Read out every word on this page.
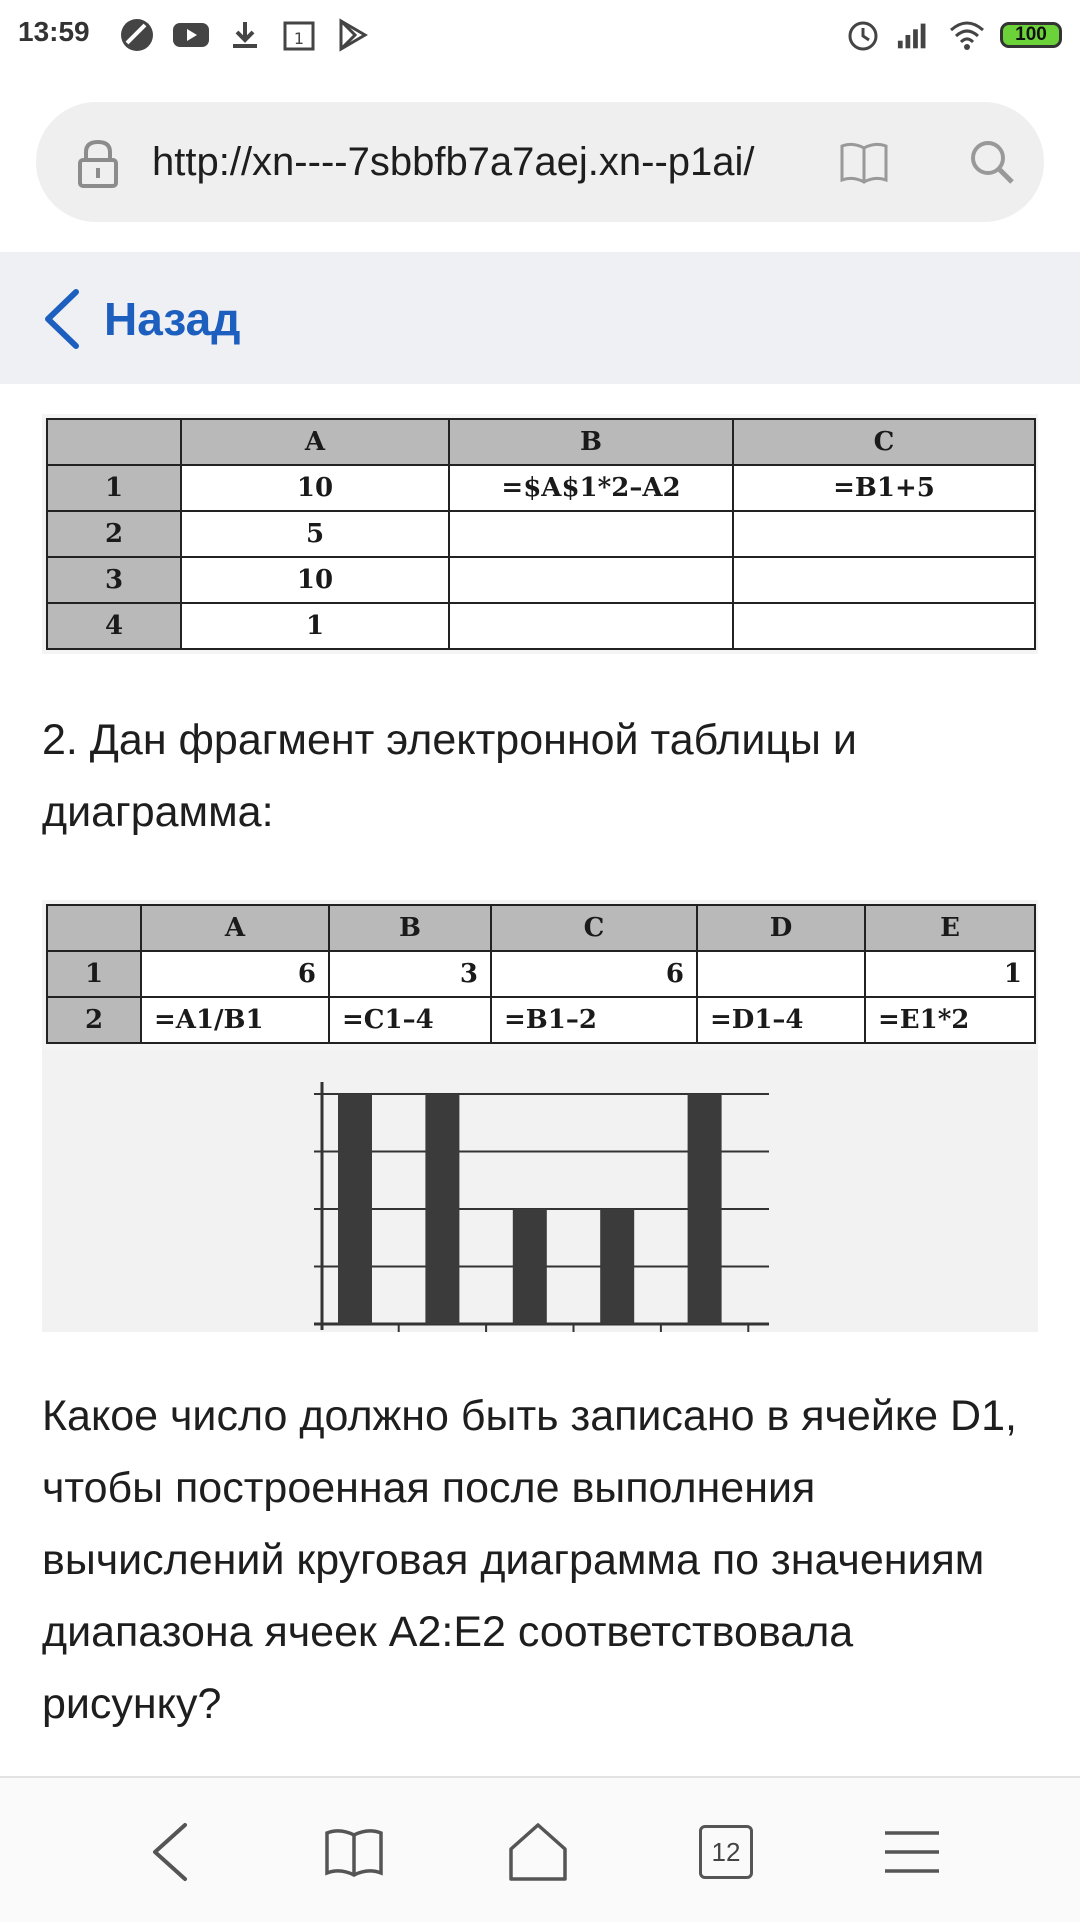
13:59	1	100
http://xn----7sbbfb7a7aej.xn--p1ai/
Назад
	A	B	C
1	10	=$A$1*2–A2	=B1+5
2	5		
3	10		
4	1		
2. Дан фрагмент электронной таблицы и диаграмма:
	A	B	C	D	E
1	6	3	6		1
2	=A1/B1	=C1–4	=B1–2	=D1–4	=E1*2
Какое число должно быть записано в ячейке D1, чтобы построенная после выполнения вычислений круговая диаграмма по значениям диапазона ячеек A2:E2 соответствовала рисунку?
12
